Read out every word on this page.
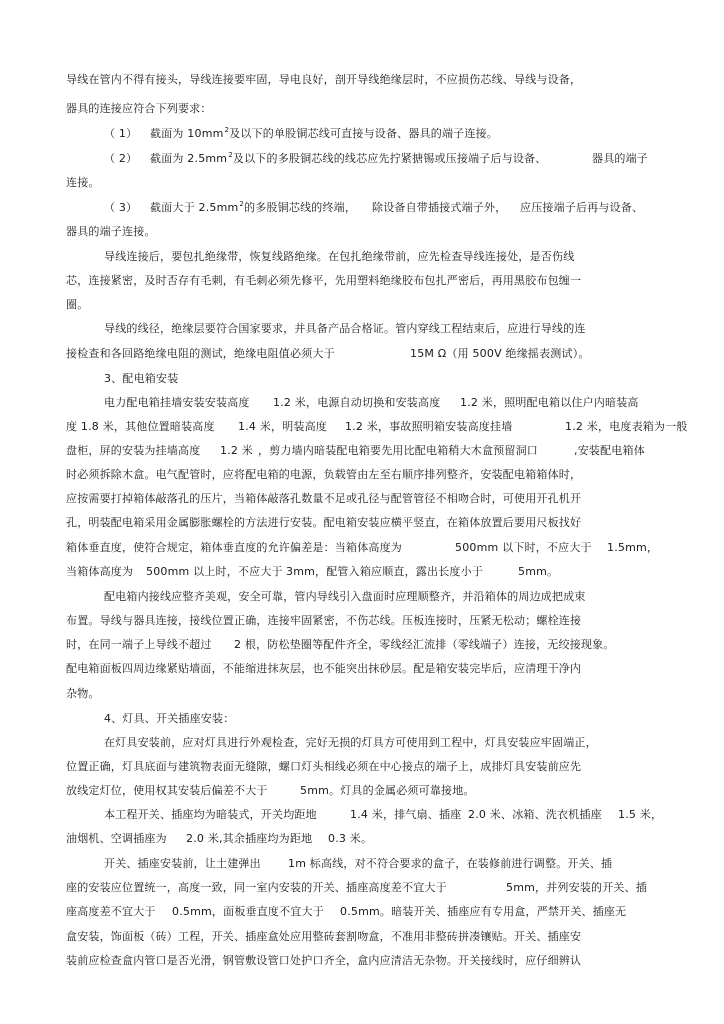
导线在管内不得有接头，导线连接要牢固，导电良好，剖开导线绝缘层时，不应损伤芯线、导线与设备，
器具的连接应符合下列要求：
（ 1） 截面为 $10mm^2$及以下的单股铜芯线可直接与设备、器具的端子连接。
（ 2） 截面为 $2.5mm^2$及以下的多股铜芯线的线芯应先拧紧搪锡或压接端子后与设备、	器具的端子
连接。
（ 3） 截面大于 $2.5mm^2$的多股铜芯线的终端， 除设备自带插接式端子外， 应压接端子后再与设备、
器具的端子连接。
导线连接后，要包扎绝缘带，恢复线路绝缘。在包扎绝缘带前，应先检查导线连接处，是否伤线
芯，连接紧密，及时否存有毛刺，有毛刺必须先修平，先用塑料绝缘胶布包扎严密后，再用黑胶布包缠一
圈。
导线的线径，绝缘层要符合国家要求，并具备产品合格证。管内穿线工程结束后，应进行导线的连
接检查和各回路绝缘电阻的测试，绝缘电阻值必须大于	15M Ω（用 500V 绝缘摇表测试）。
3、配电箱安装
电力配电箱挂墙安装安装高度 1.2 米，电源自动切换和安装高度 1.2 米，照明配电箱以住户内暗装高
度 1.8 米，其他位置暗装高度 1.4 米，明装高度 1.2 米，事故照明箱安装高度挂墙	1.2 米，电度表箱为一般
盘柜，屏的安装为挂墙高度 1.2 米 ，剪力墙内暗装配电箱要先用比配电箱稍大木盒预留洞口	,安装配电箱体
时必须拆除木盒。电气配管时，应将配电箱的电源，负载管由左至右顺序排列整齐，安装配电箱箱体时，
应按需要打掉箱体敲落孔的压片，当箱体敲落孔数量不足或孔径与配管管径不相吻合时，可使用开孔机开
孔，明装配电箱采用金属膨胀螺栓的方法进行安装。配电箱安装应横平竖直，在箱体放置后要用尺板找好
箱体垂直度，使符合规定，箱体垂直度的允许偏差是：当箱体高度为	500mm 以下时，不应大于 1.5mm，
当箱体高度为 500mm 以上时，不应大于 3mm，配管入箱应顺直，露出长度小于	5mm。
配电箱内接线应整齐美观，安全可靠，管内导线引入盘面时应理顺整齐，并沿箱体的周边成把成束
布置。导线与器具连接，接线位置正确，连接牢固紧密，不伤芯线。压板连接时，压紧无松动；螺栓连接
时，在同一端子上导线不超过 2 根，防松垫圈等配件齐全，零线经汇流排（零线端子）连接，无绞接现象。
配电箱面板四周边缘紧贴墙面，不能缩进抹灰层，也不能突出抹砂层。配是箱安装完毕后，应清理干净内
杂物。
4、灯具、开关插座安装：
在灯具安装前，应对灯具进行外观检查，完好无损的灯具方可使用到工程中，灯具安装应牢固端正，
位置正确，灯具底面与建筑物表面无缝隙，螺口灯头相线必须在中心接点的端子上，成排灯具安装前应先
放线定灯位，使用权其安装后偏差不大于	5mm。灯具的金属必须可靠接地。
本工程开关、插座均为暗装式，开关均距地	1.4 米，排气扇、插座 2.0 米、冰箱、洗衣机插座 1.5 米，
油烟机、空调插座为 2.0 米,其余插座均为距地 0.3 米。
开关、插座安装前，让土建弹出 1m 标高线，对不符合要求的盒子，在装修前进行调整。开关、插
座的安装应位置统一，高度一致，同一室内安装的开关、插座高度差不宜大于	5mm，并列安装的开关、插
座高度差不宜大于 0.5mm，面板垂直度不宜大于 0.5mm。暗装开关、插座应有专用盒，严禁开关、插座无
盒安装，饰面板（砖）工程，开关、插座盒处应用整砖套割吻盒，不准用非整砖拼凑镶贴。开关、插座安
装前应检查盒内管口是否光滑，钢管敷设管口处护口齐全，盒内应清洁无杂物。开关接线时，应仔细辨认
